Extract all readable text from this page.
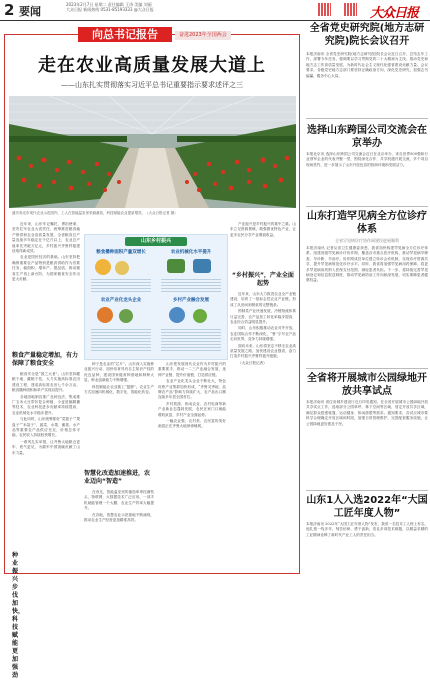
2 要闻
2023年2月7日 星期二 责任编辑 王涛 美编 刘丽
大众日报 新闻热线 0531-85193333 @大众日报	大众日报
向总书记报告	奋进2023年全国两会
走在农业高质量发展大道上
——山东扎实贯彻落实习近平总书记重要指示要求述评之三
潍坊寿光市现代农业示范园内，工人在智能温室里采摘番茄，科技赋能农业提质增效。（大众日报记者 摄）

近年来，山东牢记嘱托、勇担使命，坚决扛牢农业大省责任，统筹推进粮食稳产保供和农业高质量发展，全省粮食总产量连续多年稳定在千亿斤以上，农业总产值率先突破万亿元，乡村振兴齐鲁样板建设取得新成效。

农业是国民经济的基础。山东坚持把确保重要农产品特别是粮食供给作为首要任务，稳面积、增单产、提品质，推动粮食生产再上新台阶，为国家粮食安全作出更大贡献。

粮食产量稳定增加，有力保障了粮食安全

粮食安全是“国之大者”。山东坚持藏粮于地、藏粮于技，大力实施高标准农田建设工程，建成高标准农田七千余万亩，粮食播种面积和单产实现双提升。

各地因地制宜推广良种良法，集成推广玉米大豆带状复合种植、小麦宽幅精播等技术，农业科技进步贡献率持续提高，农业机械化水平稳步提升。

与此同时，山东统筹抓好“菜篮子”“果盘子”“米袋子”，蔬菜、水果、畜禽、水产品等重要农产品供应充足，价格总体平稳，农民收入持续较快增长。

一系列扎实举措，让齐鲁大地粮仓更牢、底气更足，为端牢中国饭碗贡献了山东力量。

山东乡村振兴
粮食播种面积产量双增长	农业机械化水平提升
农业产业化龙头企业	乡村产业融合发展

种子是农业的“芯片”。山东深入实施种业振兴行动，加快培育具有自主知识产权的优良品种，建设国家级育种基地和制种大县，种业创新能力不断增强。

科技赋能让农业插上“翅膀”。农业生产方式加速向机械化、数字化、智能化转变。

智慧化改造加速推进，农业迈向“智造”

在寿光，智能温室里的番茄串串挂满枝头，物联网、大数据技术广泛应用，一部手机就能管理一个大棚，农业生产效率大幅提升。

在各地，智慧农业示范基地不断涌现，推动农业生产经营更加精准高效。

山东把发展现代农业作为乡村振兴的重要抓手，推动一二三产业融合发展，延伸产业链、提升价值链、打造供应链。

农业产业化龙头企业不断壮大，特色优势产业集群加快形成，“齐鲁灵秀地、品牌农产品”影响力持续扩大，农产品出口额连续多年居全国首位。

乡村旅游、休闲农业、农村电商等新产业新业态蓬勃发展，农民在家门口就能增收致富，乡村产业全面起势。

一幅农业强、农村美、农民富的美好画卷正在齐鲁大地徐徐铺展。

“乡村振兴”，产业全面起势

产业振兴是乡村振兴的重中之重。山东立足资源禀赋，做强做优特色产业，让更多农民分享产业增值收益。

近年来，山东大力推进农业全产业链建设，培育了一批标志性农业产业链，形成了从田间到餐桌的完整链条。

预制菜产业快速发展，冷链物流体系日益完善，农产品加工转化率稳步提高，农业综合效益明显提升。

同时，山东积极推动农业对外开放，农业国际合作不断深化，“鲁”字号农产品走向世界，竞争力持续增强。

面向未来，山东将坚定不移走农业高质量发展之路，加快建设农业强省，奋力打造乡村振兴齐鲁样板升级版。

（大众日报记者）

种业振兴步伐加快，科技赋能更加强劲
全省党史研究院(地方志研究院)院长会议召开
本报济南讯 全省党史研究院(地方志研究院)院长会议近日召开，总结去年工作，部署今年任务，强调要以学习贯彻党的二十大精神为主线，推动党史和地方志工作高质量发展，为新时代社会主义现代化强省建设贡献力量。会议要求，各级党史地方志部门要坚持正确政治方向，深化党史研究，加强志书编纂，服务中心大局。
选择山东跨国公司交流会在京举办
本报北京讯 选择山东跨国公司交流会近日在北京举办，来自世界500强和行业领军企业的代表齐聚一堂，围绕深化合作、共享机遇开展交流，多个项目现场签约，进一步展示了山东开放包容的营商环境和发展活力。
山东打造罕见病全方位诊疗体系
全省罕见病诊疗协作网建设进展顺利
本报济南讯 记者从省卫生健康委获悉，我省加快构建罕见病全方位诊疗体系，组建省级罕见病诊疗协作网，覆盖各市重点医疗机构，推动罕见病早筛查、早诊断、早治疗。协作网成员单位建立转诊会诊机制，实现诊疗资源共享，提升罕见病规范化诊疗水平。同时，我省将加强罕见病用药保障，将更多罕见病用药纳入医保支付范围，减轻患者负担。下一步，将持续完善罕见病登记和信息报送制度，推动罕见病防治工作向纵深发展，切实保障患者健康权益。
全省将开展城市公园绿地开放共享试点
本报济南讯 省住房城乡建设厅近日印发通知，在全省开展城市公园绿地开放共享试点工作，选取部分公园草坪、林下空间等区域，划定开放共享区域，满足群众搭建帐篷、运动健身、休闲游憩等需求。通知要求，各试点城市要科学合理确定开放区域和时段，加强日常管理维护，完善配套服务设施，让公园绿地更好惠及于民。
山东1人入选2022年“大国工匠年度人物”
本报济南讯 2022年“大国工匠年度人物”发布，我省一名技术工人榜上有名。他扎根一线多年，刻苦钻研、勇于创新，攻克多项技术难题，以精益求精的工匠精神诠释了新时代产业工人的责任担当。
